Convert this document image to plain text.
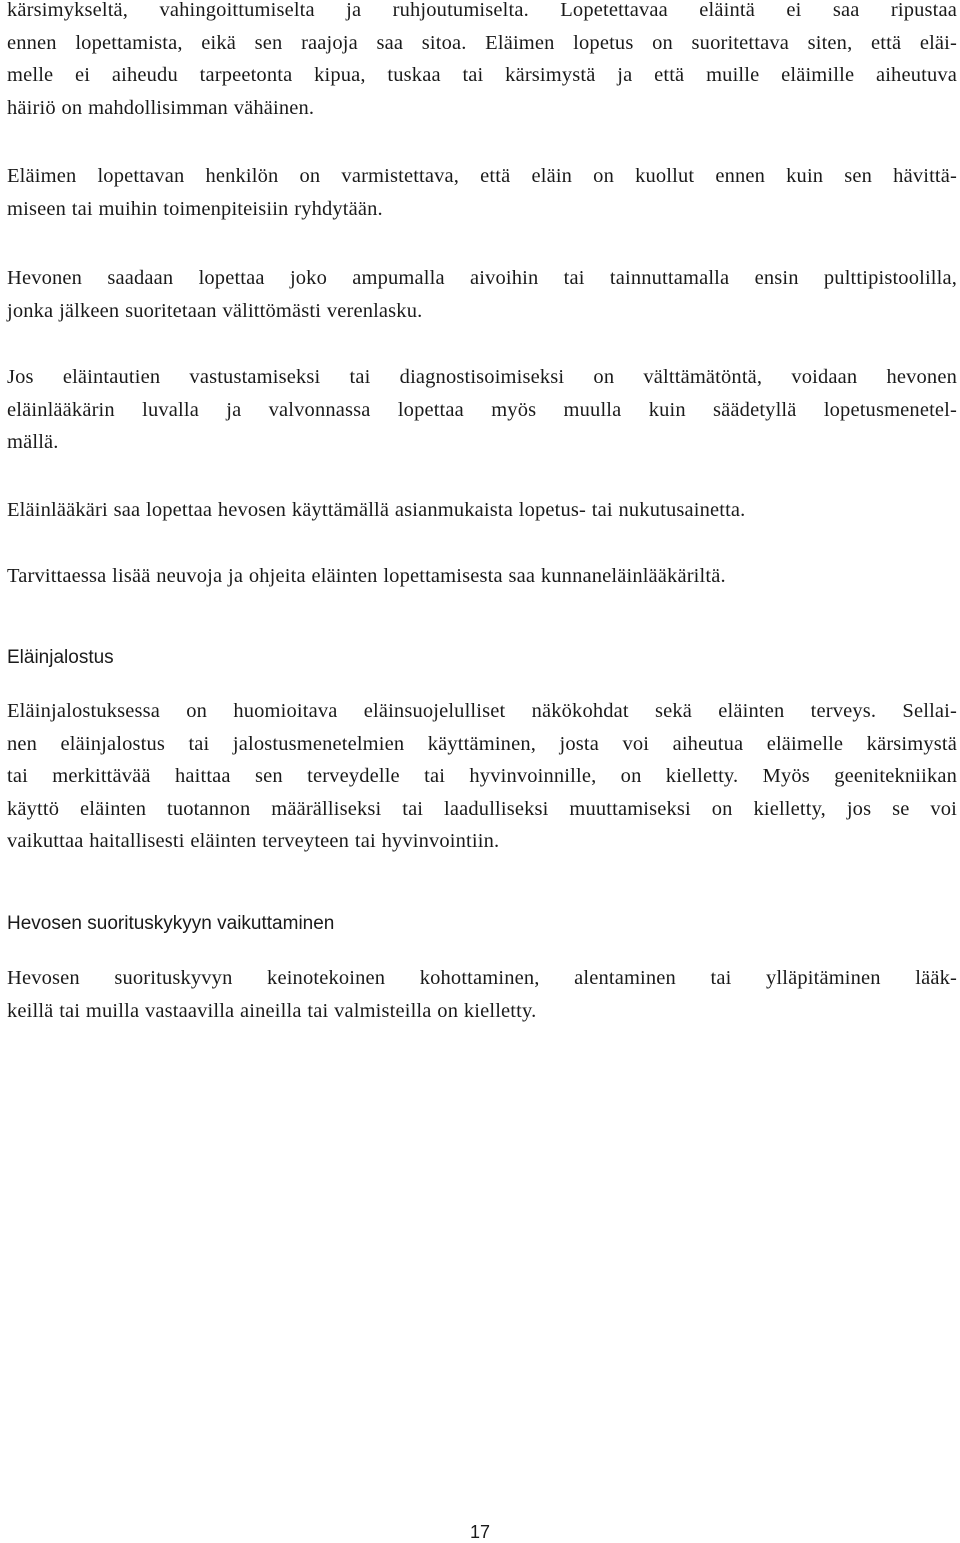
kärsimykseltä, vahingoittumiselta ja ruhjoutumiselta. Lopetettavaa eläintä ei saa ripustaa
ennen lopettamista, eikä sen raajoja saa sitoa. Eläimen lopetus on suoritettava siten, että eläi-
melle ei aiheudu tarpeetonta kipua, tuskaa tai kärsimystä ja että muille eläimille aiheutuva
häiriö on mahdollisimman vähäinen.
Eläimen lopettavan henkilön on varmistettava, että eläin on kuollut ennen kuin sen hävittä-
miseen tai muihin toimenpiteisiin ryhdytään.
Hevonen saadaan lopettaa joko ampumalla aivoihin tai tainnuttamalla ensin pulttipistoolilla,
jonka jälkeen suoritetaan välittömästi verenlasku.
Jos eläintautien vastustamiseksi tai diagnostisoimiseksi on välttämätöntä, voidaan hevonen
eläinlääkärin luvalla ja valvonnassa lopettaa myös muulla kuin säädetyllä lopetusmenetel-
mällä.
Eläinlääkäri saa lopettaa hevosen käyttämällä asianmukaista lopetus- tai nukutusainetta.
Tarvittaessa lisää neuvoja ja ohjeita eläinten lopettamisesta saa kunnaneläinlääkäriltä.
Eläinjalostus
Eläinjalostuksessa on huomioitava eläinsuojelulliset näkökohdat sekä eläinten terveys. Sellai-
nen eläinjalostus tai jalostusmenetelmien käyttäminen, josta voi aiheutua eläimelle kärsimystä
tai merkittävää haittaa sen terveydelle tai hyvinvoinnille, on kielletty. Myös geenitekniikan
käyttö eläinten tuotannon määrälliseksi tai laadulliseksi muuttamiseksi on kielletty, jos se voi
vaikuttaa haitallisesti eläinten terveyteen tai hyvinvointiin.
Hevosen suorituskykyyn vaikuttaminen
Hevosen suorituskyvyn keinotekoinen kohottaminen, alentaminen tai ylläpitäminen lääk-
keillä tai muilla vastaavilla aineilla tai valmisteilla on kielletty.
17
